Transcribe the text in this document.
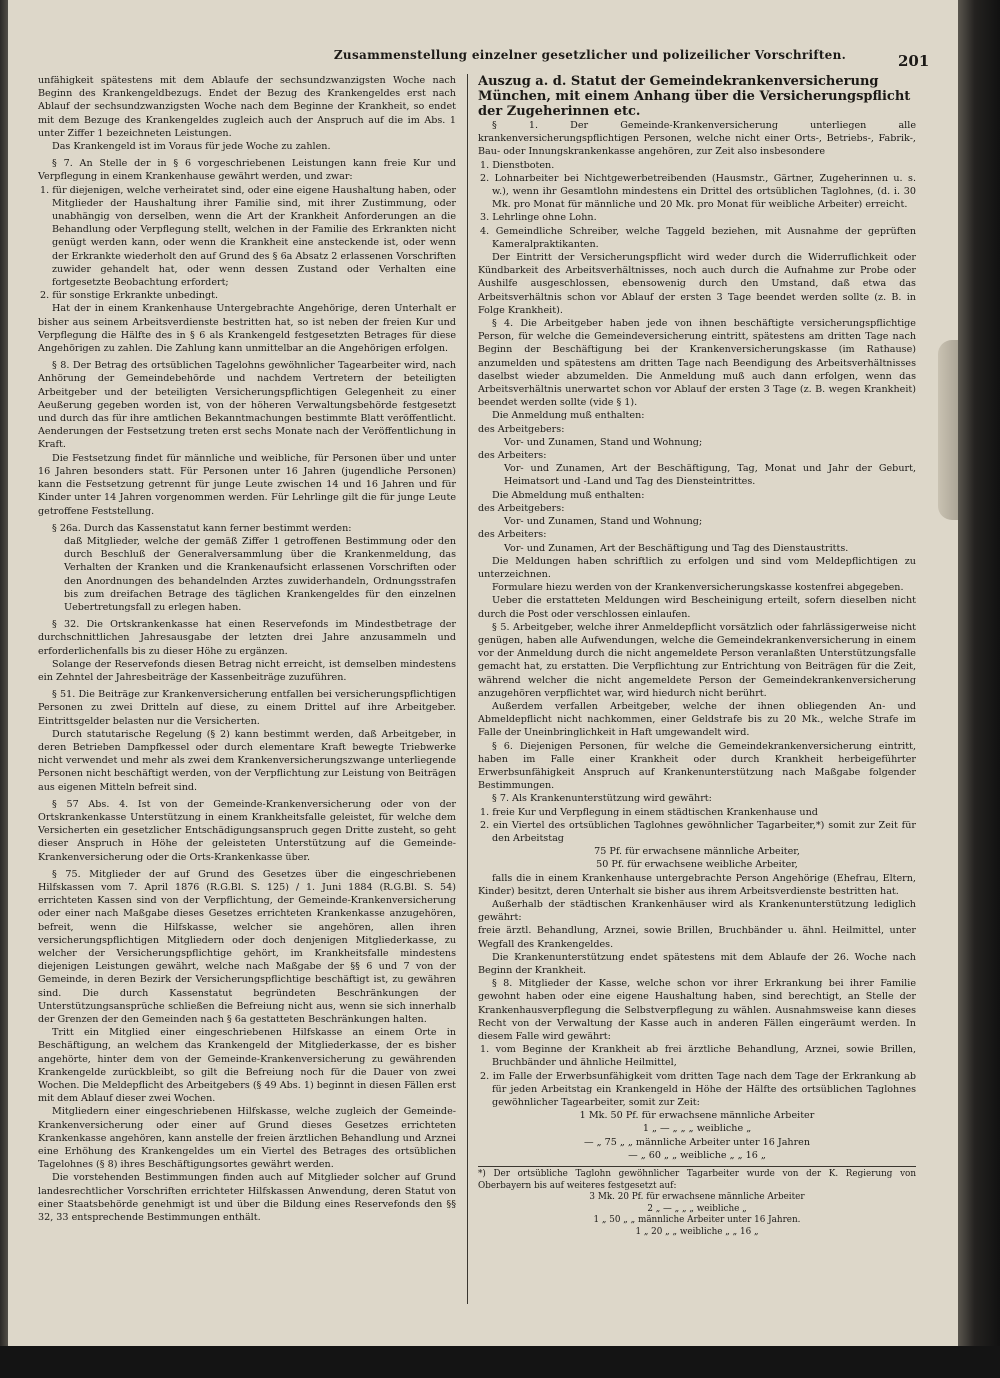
Zusammenstellung einzelner gesetzlicher und polizeilicher Vorschriften.	201

unfähigkeit spätestens mit dem Ablaufe der sechsundzwanzigsten Woche nach Beginn des Krankengeldbezugs. Endet der Bezug des Krankengeldes erst nach Ablauf der sechsundzwanzigsten Woche nach dem Beginne der Krankheit, so endet mit dem Bezuge des Krankengeldes zugleich auch der Anspruch auf die im Abs. 1 unter Ziffer 1 bezeichneten Leistungen.

Das Krankengeld ist im Voraus für jede Woche zu zahlen.

§ 7. An Stelle der in § 6 vorgeschriebenen Leistungen kann freie Kur und Verpflegung in einem Krankenhause gewährt werden, und zwar:

1. für diejenigen, welche verheiratet sind, oder eine eigene Haushaltung haben, oder Mitglieder der Haushaltung ihrer Familie sind, mit ihrer Zustimmung, oder unabhängig von derselben, wenn die Art der Krankheit Anforderungen an die Behandlung oder Verpflegung stellt, welchen in der Familie des Erkrankten nicht genügt werden kann, oder wenn die Krankheit eine ansteckende ist, oder wenn der Erkrankte wiederholt den auf Grund des § 6a Absatz 2 erlassenen Vorschriften zuwider gehandelt hat, oder wenn dessen Zustand oder Verhalten eine fortgesetzte Beobachtung erfordert;

2. für sonstige Erkrankte unbedingt.

Hat der in einem Krankenhause Untergebrachte Angehörige, deren Unterhalt er bisher aus seinem Arbeitsverdienste bestritten hat, so ist neben der freien Kur und Verpflegung die Hälfte des in § 6 als Krankengeld festgesetzten Betrages für diese Angehörigen zu zahlen. Die Zahlung kann unmittelbar an die Angehörigen erfolgen.

§ 8. Der Betrag des ortsüblichen Tagelohns gewöhnlicher Tagearbeiter wird, nach Anhörung der Gemeindebehörde und nachdem Vertretern der beteiligten Arbeitgeber und der beteiligten Versicherungspflichtigen Gelegenheit zu einer Aeußerung gegeben worden ist, von der höheren Verwaltungsbehörde festgesetzt und durch das für ihre amtlichen Bekanntmachungen bestimmte Blatt veröffentlicht. Aenderungen der Festsetzung treten erst sechs Monate nach der Veröffentlichung in Kraft.

Die Festsetzung findet für männliche und weibliche, für Personen über und unter 16 Jahren besonders statt. Für Personen unter 16 Jahren (jugendliche Personen) kann die Festsetzung getrennt für junge Leute zwischen 14 und 16 Jahren und für Kinder unter 14 Jahren vorgenommen werden. Für Lehrlinge gilt die für junge Leute getroffene Feststellung.

§ 26a. Durch das Kassenstatut kann ferner bestimmt werden:

daß Mitglieder, welche der gemäß Ziffer 1 getroffenen Bestimmung oder den durch Beschluß der Generalversammlung über die Krankenmeldung, das Verhalten der Kranken und die Krankenaufsicht erlassenen Vorschriften oder den Anordnungen des behandelnden Arztes zuwiderhandeln, Ordnungsstrafen bis zum dreifachen Betrage des täglichen Krankengeldes für den einzelnen Uebertretungsfall zu erlegen haben.

§ 32. Die Ortskrankenkasse hat einen Reservefonds im Mindestbetrage der durchschnittlichen Jahresausgabe der letzten drei Jahre anzusammeln und erforderlichenfalls bis zu dieser Höhe zu ergänzen.

Solange der Reservefonds diesen Betrag nicht erreicht, ist demselben mindestens ein Zehntel der Jahresbeiträge der Kassenbeiträge zuzuführen.

§ 51. Die Beiträge zur Krankenversicherung entfallen bei versicherungspflichtigen Personen zu zwei Dritteln auf diese, zu einem Drittel auf ihre Arbeitgeber. Eintrittsgelder belasten nur die Versicherten.

Durch statutarische Regelung (§ 2) kann bestimmt werden, daß Arbeitgeber, in deren Betrieben Dampfkessel oder durch elementare Kraft bewegte Triebwerke nicht verwendet und mehr als zwei dem Krankenversicherungszwange unterliegende Personen nicht beschäftigt werden, von der Verpflichtung zur Leistung von Beiträgen aus eigenen Mitteln befreit sind.

§ 57 Abs. 4. Ist von der Gemeinde-Krankenversicherung oder von der Ortskrankenkasse Unterstützung in einem Krankheitsfalle geleistet, für welche dem Versicherten ein gesetzlicher Entschädigungsanspruch gegen Dritte zusteht, so geht dieser Anspruch in Höhe der geleisteten Unterstützung auf die Gemeinde-Krankenversicherung oder die Orts-Krankenkasse über.

§ 75. Mitglieder der auf Grund des Gesetzes über die eingeschriebenen Hilfskassen vom 7. April 1876 (R.G.Bl. S. 125) / 1. Juni 1884 (R.G.Bl. S. 54) errichteten Kassen sind von der Verpflichtung, der Gemeinde-Krankenversicherung oder einer nach Maßgabe dieses Gesetzes errichteten Krankenkasse anzugehören, befreit, wenn die Hilfskasse, welcher sie angehören, allen ihren versicherungspflichtigen Mitgliedern oder doch denjenigen Mitgliederkasse, zu welcher der Versicherungspflichtige gehört, im Krankheitsfalle mindestens diejenigen Leistungen gewährt, welche nach Maßgabe der §§ 6 und 7 von der Gemeinde, in deren Bezirk der Versicherungspflichtige beschäftigt ist, zu gewähren sind. Die durch Kassenstatut begründeten Beschränkungen der Unterstützungsansprüche schließen die Befreiung nicht aus, wenn sie sich innerhalb der Grenzen der den Gemeinden nach § 6a gestatteten Beschränkungen halten.

Tritt ein Mitglied einer eingeschriebenen Hilfskasse an einem Orte in Beschäftigung, an welchem das Krankengeld der Mitgliederkasse, der es bisher angehörte, hinter dem von der Gemeinde-Krankenversicherung zu gewährenden Krankengelde zurückbleibt, so gilt die Befreiung noch für die Dauer von zwei Wochen. Die Meldepflicht des Arbeitgebers (§ 49 Abs. 1) beginnt in diesen Fällen erst mit dem Ablauf dieser zwei Wochen.

Mitgliedern einer eingeschriebenen Hilfskasse, welche zugleich der Gemeinde-Krankenversicherung oder einer auf Grund dieses Gesetzes errichteten Krankenkasse angehören, kann anstelle der freien ärztlichen Behandlung und Arznei eine Erhöhung des Krankengeldes um ein Viertel des Betrages des ortsüblichen Tagelohnes (§ 8) ihres Beschäftigungsortes gewährt werden.

Die vorstehenden Bestimmungen finden auch auf Mitglieder solcher auf Grund landesrechtlicher Vorschriften errichteter Hilfskassen Anwendung, deren Statut von einer Staatsbehörde genehmigt ist und über die Bildung eines Reservefonds den §§ 32, 33 entsprechende Bestimmungen enthält.

Auszug a. d. Statut der Gemeindekrankenversicherung München, mit einem Anhang über die Versicherungspflicht der Zugeherinnen etc.

§ 1. Der Gemeinde-Krankenversicherung unterliegen alle krankenversicherungspflichtigen Personen, welche nicht einer Orts-, Betriebs-, Fabrik-, Bau- oder Innungskrankenkasse angehören, zur Zeit also insbesondere

1. Dienstboten.

2. Lohnarbeiter bei Nichtgewerbetreibenden (Hausmstr., Gärtner, Zugeherinnen u. s. w.), wenn ihr Gesamtlohn mindestens ein Drittel des ortsüblichen Taglohnes, (d. i. 30 Mk. pro Monat für männliche und 20 Mk. pro Monat für weibliche Arbeiter) erreicht.

3. Lehrlinge ohne Lohn.

4. Gemeindliche Schreiber, welche Taggeld beziehen, mit Ausnahme der geprüften Kameralpraktikanten.

Der Eintritt der Versicherungspflicht wird weder durch die Widerruflichkeit oder Kündbarkeit des Arbeitsverhältnisses, noch auch durch die Aufnahme zur Probe oder Aushilfe ausgeschlossen, ebensowenig durch den Umstand, daß etwa das Arbeitsverhältnis schon vor Ablauf der ersten 3 Tage beendet werden sollte (z. B. in Folge Krankheit).

§ 4. Die Arbeitgeber haben jede von ihnen beschäftigte versicherungspflichtige Person, für welche die Gemeindeversicherung eintritt, spätestens am dritten Tage nach Beginn der Beschäftigung bei der Krankenversicherungskasse (im Rathause) anzumelden und spätestens am dritten Tage nach Beendigung des Arbeitsverhältnisses daselbst wieder abzumelden. Die Anmeldung muß auch dann erfolgen, wenn das Arbeitsverhältnis unerwartet schon vor Ablauf der ersten 3 Tage (z. B. wegen Krankheit) beendet werden sollte (vide § 1).

Die Anmeldung muß enthalten:

des Arbeitgebers:

Vor- und Zunamen, Stand und Wohnung;

des Arbeiters:

Vor- und Zunamen, Art der Beschäftigung, Tag, Monat und Jahr der Geburt, Heimatsort und -Land und Tag des Diensteintrittes.

Die Abmeldung muß enthalten:

des Arbeitgebers:

Vor- und Zunamen, Stand und Wohnung;

des Arbeiters:

Vor- und Zunamen, Art der Beschäftigung und Tag des Dienstaustritts.

Die Meldungen haben schriftlich zu erfolgen und sind vom Meldepflichtigen zu unterzeichnen.

Formulare hiezu werden von der Krankenversicherungskasse kostenfrei abgegeben.

Ueber die erstatteten Meldungen wird Bescheinigung erteilt, sofern dieselben nicht durch die Post oder verschlossen einlaufen.

§ 5. Arbeitgeber, welche ihrer Anmeldepflicht vorsätzlich oder fahrlässigerweise nicht genügen, haben alle Aufwendungen, welche die Gemeindekrankenversicherung in einem vor der Anmeldung durch die nicht angemeldete Person veranlaßten Unterstützungsfalle gemacht hat, zu erstatten. Die Verpflichtung zur Entrichtung von Beiträgen für die Zeit, während welcher die nicht angemeldete Person der Gemeindekrankenversicherung anzugehören verpflichtet war, wird hiedurch nicht berührt.

Außerdem verfallen Arbeitgeber, welche der ihnen obliegenden An- und Abmeldepflicht nicht nachkommen, einer Geldstrafe bis zu 20 Mk., welche Strafe im Falle der Uneinbringlichkeit in Haft umgewandelt wird.

§ 6. Diejenigen Personen, für welche die Gemeindekrankenversicherung eintritt, haben im Falle einer Krankheit oder durch Krankheit herbeigeführter Erwerbsunfähigkeit Anspruch auf Krankenunterstützung nach Maßgabe folgender Bestimmungen.

§ 7. Als Krankenunterstützung wird gewährt:

1. freie Kur und Verpflegung in einem städtischen Krankenhause und

2. ein Viertel des ortsüblichen Taglohnes gewöhnlicher Tagarbeiter,*) somit zur Zeit für den Arbeitstag

75 Pf. für erwachsene männliche Arbeiter,

50 Pf. für erwachsene weibliche Arbeiter,

falls die in einem Krankenhause untergebrachte Person Angehörige (Ehefrau, Eltern, Kinder) besitzt, deren Unterhalt sie bisher aus ihrem Arbeitsverdienste bestritten hat.

Außerhalb der städtischen Krankenhäuser wird als Krankenunterstützung lediglich gewährt:

freie ärztl. Behandlung, Arznei, sowie Brillen, Bruchbänder u. ähnl. Heilmittel, unter Wegfall des Krankengeldes.

Die Krankenunterstützung endet spätestens mit dem Ablaufe der 26. Woche nach Beginn der Krankheit.

§ 8. Mitglieder der Kasse, welche schon vor ihrer Erkrankung bei ihrer Familie gewohnt haben oder eine eigene Haushaltung haben, sind berechtigt, an Stelle der Krankenhausverpflegung die Selbstverpflegung zu wählen. Ausnahmsweise kann dieses Recht von der Verwaltung der Kasse auch in anderen Fällen eingeräumt werden. In diesem Falle wird gewährt:

1. vom Beginne der Krankheit ab frei ärztliche Behandlung, Arznei, sowie Brillen, Bruchbänder und ähnliche Heilmittel,

2. im Falle der Erwerbsunfähigkeit vom dritten Tage nach dem Tage der Erkrankung ab für jeden Arbeitstag ein Krankengeld in Höhe der Hälfte des ortsüblichen Taglohnes gewöhnlicher Tagearbeiter, somit zur Zeit:

1 Mk. 50 Pf. für erwachsene männliche Arbeiter

1 „ — „ „ „ weibliche „

— „ 75 „ „ männliche Arbeiter unter 16 Jahren

— „ 60 „ „ weibliche „ „ 16 „

*) Der ortsübliche Taglohn gewöhnlicher Tagarbeiter wurde von der K. Regierung von Oberbayern bis auf weiteres festgesetzt auf:

3 Mk. 20 Pf. für erwachsene männliche Arbeiter

2 „ — „ „ „ weibliche „

1 „ 50 „ „ männliche Arbeiter unter 16 Jahren.

1 „ 20 „ „ weibliche „ „ 16 „
